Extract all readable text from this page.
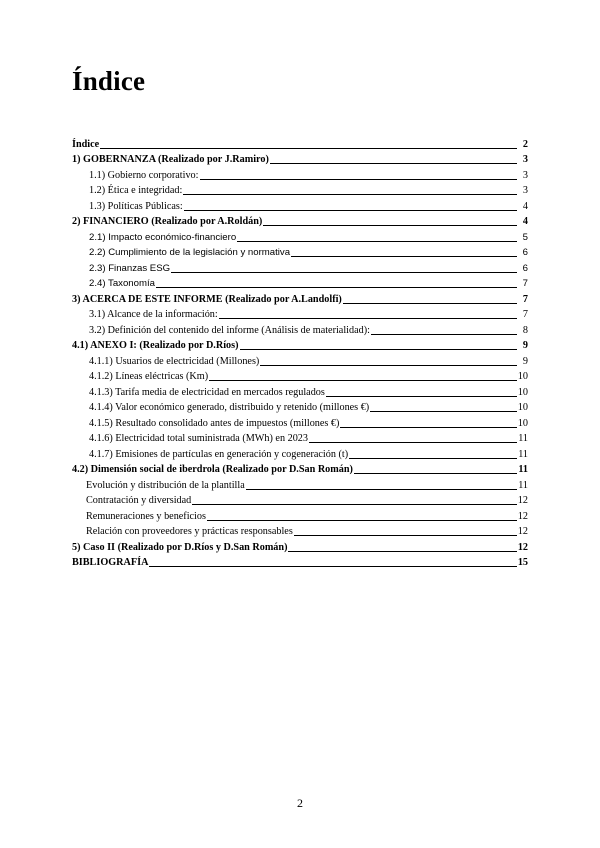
Índice
Índice	2
1) GOBERNANZA (Realizado por J.Ramiro)	3
1.1) Gobierno corporativo:	3
1.2) Ética e integridad:	3
1.3) Políticas Públicas:	4
2) FINANCIERO (Realizado por A.Roldán)	4
2.1) Impacto económico-financiero	5
2.2) Cumplimiento de la legislación y normativa	6
2.3) Finanzas ESG	6
2.4) Taxonomía	7
3) ACERCA DE ESTE INFORME (Realizado por A.Landolfi)	7
3.1) Alcance de la información:	7
3.2) Definición del contenido del informe (Análisis de materialidad):	8
4.1) ANEXO I: (Realizado por D.Ríos)	9
4.1.1) Usuarios de electricidad (Millones)	9
4.1.2) Líneas eléctricas (Km)	10
4.1.3) Tarifa media de electricidad en mercados regulados	10
4.1.4) Valor económico generado, distribuido y retenido (millones €)	10
4.1.5) Resultado consolidado antes de impuestos (millones €)	10
4.1.6) Electricidad total suministrada (MWh) en 2023	11
4.1.7) Emisiones de partículas en generación y cogeneración (t)	11
4.2) Dimensión social de iberdrola (Realizado por D.San Román)	11
Evolución y distribución de la plantilla	11
Contratación y diversidad	12
Remuneraciones y beneficios	12
Relación con proveedores y prácticas responsables	12
5) Caso II (Realizado por D.Ríos y D.San Román)	12
BIBLIOGRAFÍA	15
2
